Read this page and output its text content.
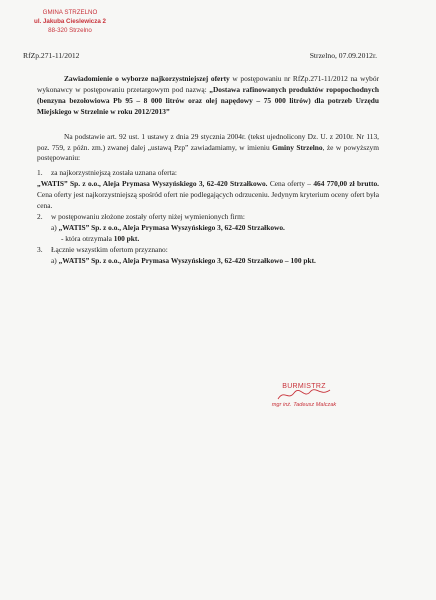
GMINA STRZELNO
ul. Jakuba Cieslewicza 2
88-320 Strzelno
RfZp.271-11/2012	Strzelno, 07.09.2012r.

Zawiadomienie o wyborze najkorzystniejszej oferty w postępowaniu nr RfZp.271-11/2012 na wybór wykonawcy w postępowaniu przetargowym pod nazwą: „Dostawa rafinowanych produktów ropopochodnych (benzyna bezołowiowa Pb 95 – 8 000 litrów oraz olej napędowy – 75 000 litrów) dla potrzeb Urzędu Miejskiego w Strzelnie w roku 2012/2013”

Na podstawie art. 92 ust. 1 ustawy z dnia 29 stycznia 2004r. (tekst ujednolicony Dz. U. z 2010r. Nr 113, poz. 759, z późn. zm.) zwanej dalej „ustawą Pzp” zawiadamiamy, w imieniu Gminy Strzelno, że w powyższym postępowaniu:

1. za najkorzystniejszą została uznana oferta:

„WATIS” Sp. z o.o., Aleja Prymasa Wyszyńskiego 3, 62-420 Strzałkowo. Cena oferty – 464 770,00 zł brutto. Cena oferty jest najkorzystniejszą spośród ofert nie podlegających odrzuceniu. Jedynym kryterium oceny ofert była cena.

2. w postępowaniu złożone zostały oferty niżej wymienionych firm:

a) „WATIS” Sp. z o.o., Aleja Prymasa Wyszyńskiego 3, 62-420 Strzałkowo.

- która otrzymała 100 pkt.

3. Łącznie wszystkim ofertom przyznano:

a) „WATIS” Sp. z o.o., Aleja Prymasa Wyszyńskiego 3, 62-420 Strzałkowo – 100 pkt.

BURMISTRZ
mgr inż. Tadeusz Malczak
